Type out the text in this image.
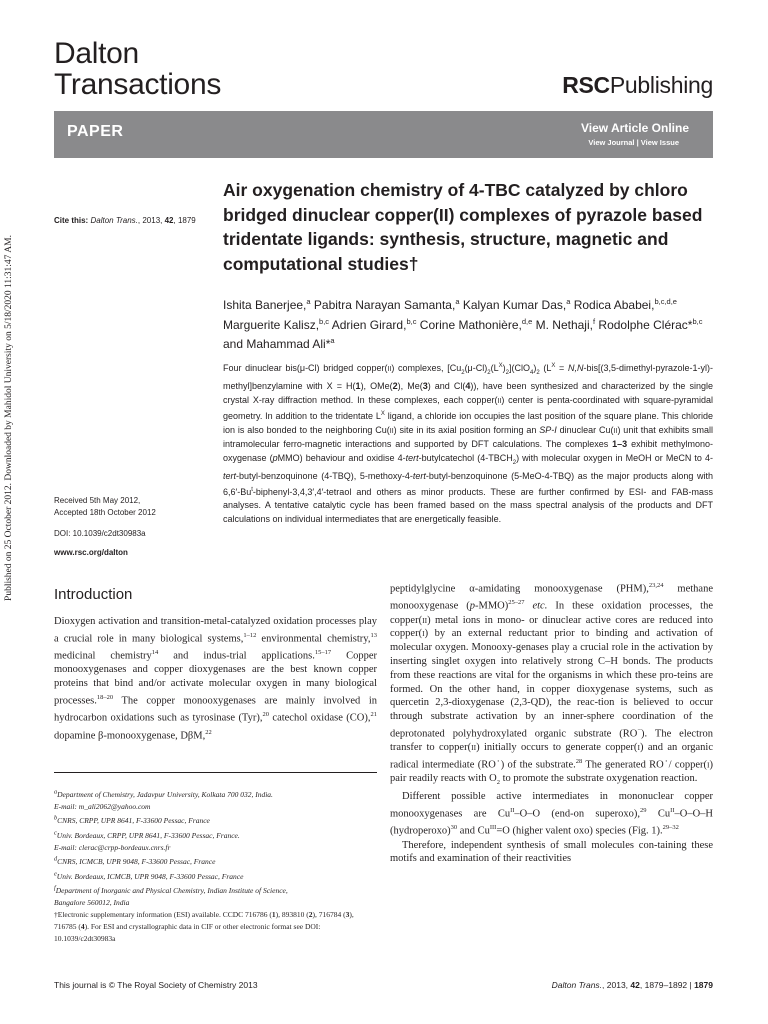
Published on 25 October 2012. Downloaded by Mahidol University on 5/18/2020 11:31:47 AM.
Dalton
Transactions	RSCPublishing
PAPER	View Article Online
View Journal | View Issue
Cite this: Dalton Trans., 2013, 42, 1879
Air oxygenation chemistry of 4-TBC catalyzed by chloro bridged dinuclear copper(II) complexes of pyrazole based tridentate ligands: synthesis, structure, magnetic and computational studies†
Ishita Banerjee,$^a$ Pabitra Narayan Samanta,$^a$ Kalyan Kumar Das,$^a$ Rodica Ababei,$^{b,c,d,e}$ Marguerite Kalisz,$^{b,c}$ Adrien Girard,$^{b,c}$ Corine Mathonière,$^{d,e}$ M. Nethaji,$^f$ Rodolphe Clérac*$^{b,c}$ and Mahammad Ali*$^a$
Received 5th May 2012,
Accepted 18th October 2012
DOI: 10.1039/c2dt30983a
www.rsc.org/dalton
Four dinuclear bis(μ-Cl) bridged copper(II) complexes, $[Cu_2(\mu-Cl)_2(L^X)_2](ClO_4)_2$ ($L^X$ = N,N-bis[(3,5-dimethyl-pyrazole-1-yl)-methyl]benzylamine with X = H(1), OMe(2), Me(3) and Cl(4)), have been synthesized and characterized by the single crystal X-ray diffraction method. In these complexes, each copper(II) center is penta-coordinated with square-pyramidal geometry. In addition to the tridentate $L^X$ ligand, a chloride ion occupies the last position of the square plane. This chloride ion is also bonded to the neighboring Cu(II) site in its axial position forming an SP-I dinuclear Cu(II) unit that exhibits small intramolecular ferro-magnetic interactions and supported by DFT calculations. The complexes 1–3 exhibit methylmono-oxygenase (pMMO) behaviour and oxidise 4-tert-butylcatechol $(4-TBCH_2)$ with molecular oxygen in MeOH or MeCN to 4-tert-butyl-benzoquinone (4-TBQ), 5-methoxy-4-tert-butyl-benzoquinone (5-MeO-4-TBQ) as the major products along with 6,6′-Bu$^t$-biphenyl-3,4,3′,4′-tetraol and others as minor products. These are further confirmed by ESI- and FAB-mass analyses. A tentative catalytic cycle has been framed based on the mass spectral analysis of the products and DFT calculations on individual intermediates that are energetically feasible.
Introduction

Dioxygen activation and transition-metal-catalyzed oxidation processes play a crucial role in many biological systems,$^{1-12}$ environmental chemistry,$^{13}$ medicinal chemistry$^{14}$ and indus-trial applications.$^{15-17}$ Copper monooxygenases and copper dioxygenases are the best known copper proteins that bind and/or activate molecular oxygen in many biological processes.$^{18-20}$ The copper monooxygenases are mainly involved in hydrocarbon oxidations such as tyrosinase (Tyr),$^{20}$ catechol oxidase (CO),$^{21}$ dopamine β-monooxygenase, DβM,$^{22}$

$^a$Department of Chemistry, Jadavpur University, Kolkata 700 032, India.
E-mail: m_ali2062@yahoo.com
$^b$CNRS, CRPP, UPR 8641, F-33600 Pessac, France
$^c$Univ. Bordeaux, CRPP, UPR 8641, F-33600 Pessac, France.
E-mail: clerac@crpp-bordeaux.cnrs.fr
$^d$CNRS, ICMCB, UPR 9048, F-33600 Pessac, France
$^e$Univ. Bordeaux, ICMCB, UPR 9048, F-33600 Pessac, France
$^f$Department of Inorganic and Physical Chemistry, Indian Institute of Science,
Bangalore 560012, India
†Electronic supplementary information (ESI) available. CCDC 716786 (1), 893810 (2), 716784 (3), 716785 (4). For ESI and crystallographic data in CIF or other electronic format see DOI: 10.1039/c2dt30983a

peptidylglycine α-amidating monooxygenase (PHM),$^{23,24}$ methane monooxygenase $(p-MMO)^{25-27}$ etc. In these oxidation processes, the copper(II) metal ions in mono- or dinuclear active cores are reduced into copper(I) by an external reductant prior to binding and activation of molecular oxygen. Monooxy-genases play a crucial role in the activation by inserting singlet oxygen into relatively strong C–H bonds. The products from these reactions are vital for the organisms in which these pro-teins are formed. On the other hand, in copper dioxygenase systems, such as quercetin 2,3-dioxygenase (2,3-QD), the reac-tion is believed to occur through substrate activation by an inner-sphere coordination of the deprotonated polyhydroxylated organic substrate (RO−). The electron transfer to copper(II) initially occurs to generate copper(I) and an organic radical intermediate (RO˙) of the substrate.$^{28}$ The generated RO˙/ copper(I) pair readily reacts with $O_2$ to promote the substrate oxygenation reaction.

Different possible active intermediates in mononuclear copper monooxygenases are $Cu^{II}-O-O$ (end-on superoxo),$^{29}$ $Cu^{II}-O-O-H$ (hydroperoxo)$^{30}$ and $Cu^{III}=O$ (higher valent oxo) species (Fig. 1).$^{29-32}$

Therefore, independent synthesis of small molecules con-taining these motifs and examination of their reactivities

This journal is © The Royal Society of Chemistry 2013	Dalton Trans., 2013, 42, 1879–1892 | 1879
